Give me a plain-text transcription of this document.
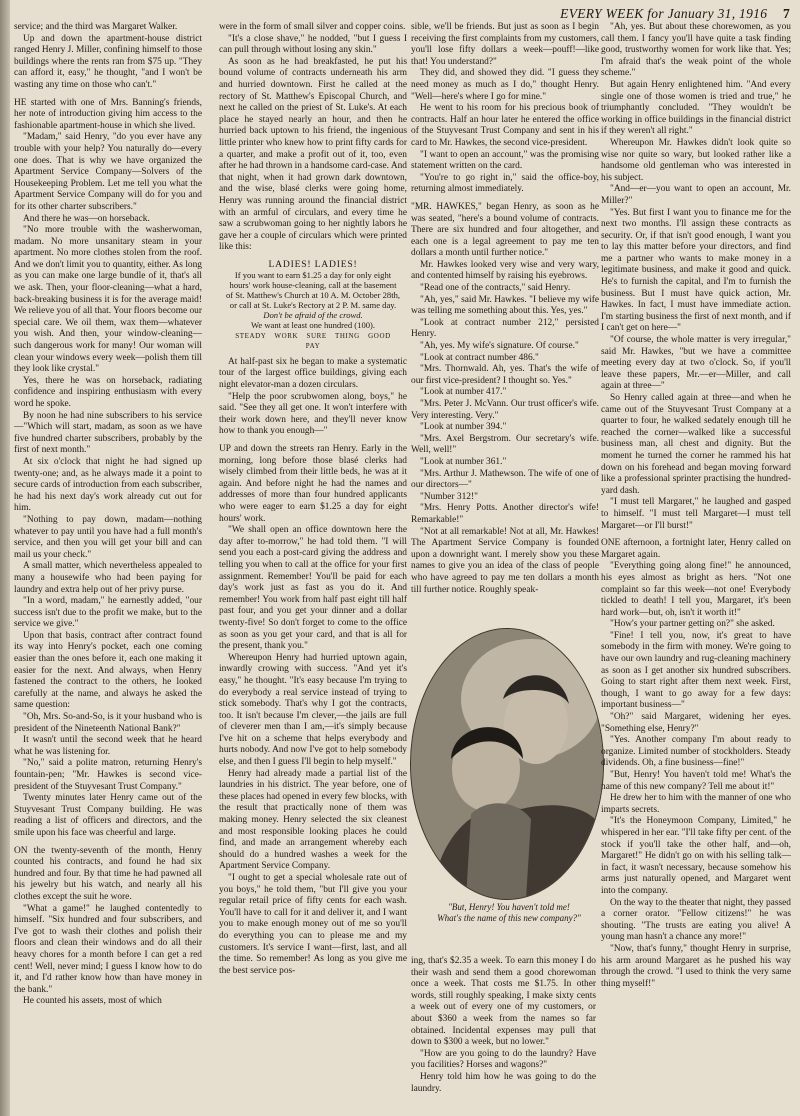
EVERY WEEK for January 31, 1916 7

service; and the third was Margaret Walker.

Up and down the apartment-house district ranged Henry J. Miller, confining himself to those buildings where the rents ran from $75 up. "They can afford it, easy," he thought, "and I won't be wasting any time on those who can't."

HE started with one of Mrs. Banning's friends, her note of introduction giving him access to the fashionable apartment-house in which she lived.

"Madam," said Henry, "do you ever have any trouble with your help? You naturally do—every one does. That is why we have organized the Apartment Service Company—Solvers of the Housekeeping Problem. Let me tell you what the Apartment Service Company will do for you and for its other charter subscribers."

And there he was—on horseback.

"No more trouble with the washerwoman, madam. No more unsanitary steam in your apartment. No more clothes stolen from the roof. And we don't limit you to quantity, either. As long as you can make one large bundle of it, that's all we ask. Then, your floor-cleaning—what a hard, back-breaking business it is for the average maid! We relieve you of all that. Your floors become our special care. We oil them, wax them—whatever you wish. And then, your window-cleaning—such dangerous work for many! Our woman will clean your windows every week—polish them till they look like crystal."

Yes, there he was on horseback, radiating confidence and inspiring enthusiasm with every word he spoke.

By noon he had nine subscribers to his service—"Which will start, madam, as soon as we have five hundred charter subscribers, probably by the first of next month."

At six o'clock that night he had signed up twenty-one; and, as he always made it a point to secure cards of introduction from each subscriber, he had his next day's work already cut out for him.

"Nothing to pay down, madam—nothing whatever to pay until you have had a full month's service, and then you will get your bill and can mail us your check."

A small matter, which nevertheless appealed to many a housewife who had been paying for laundry and extra help out of her privy purse.

"In a word, madam," he earnestly added, "our success isn't due to the profit we make, but to the service we give."

Upon that basis, contract after contract found its way into Henry's pocket, each one coming easier than the ones before it, each one making it easier for the next. And always, when Henry fastened the contract to the others, he looked carefully at the name, and always he asked the same question:

"Oh, Mrs. So-and-So, is it your husband who is president of the Nineteenth National Bank?"

It wasn't until the second week that he heard what he was listening for.

"No," said a polite matron, returning Henry's fountain-pen; "Mr. Hawkes is second vice-president of the Stuyvesant Trust Company."

Twenty minutes later Henry came out of the Stuyvesant Trust Company building. He was reading a list of officers and directors, and the smile upon his face was cheerful and large.

ON the twenty-seventh of the month, Henry counted his contracts, and found he had six hundred and four. By that time he had pawned all his jewelry but his watch, and nearly all his clothes except the suit he wore.

"What a game!" he laughed contentedly to himself. "Six hundred and four subscribers, and I've got to wash their clothes and polish their floors and clean their windows and do all their heavy chores for a month before I can get a red cent! Well, never mind; I guess I know how to do it, and I'd rather know how than have money in the bank."

He counted his assets, most of which

were in the form of small silver and copper coins.

"It's a close shave," he nodded, "but I guess I can pull through without losing any skin."

As soon as he had breakfasted, he put his bound volume of contracts underneath his arm and hurried downtown. First he called at the rectory of St. Matthew's Episcopal Church, and next he called on the priest of St. Luke's. At each place he stayed nearly an hour, and then he hurried back uptown to his friend, the ingenious little printer who knew how to print fifty cards for a quarter, and make a profit out of it, too, even after he had thrown in a handsome card-case. And that night, when it had grown dark downtown, and the wise, blasé clerks were going home, Henry was running around the financial district with an armful of circulars, and every time he saw a scrubwoman going to her nightly labors he gave her a couple of circulars which were printed like this:

LADIES! LADIES!
If you want to earn $1.25 a day for only eight hours' work house-cleaning, call at the basement of St. Matthew's Church at 10 A. M. October 28th, or call at St. Luke's Rectory at 2 P. M. same day.
Don't be afraid of the crowd.
We want at least one hundred (100).
STEADY WORK SURE THING GOOD PAY

At half-past six he began to make a systematic tour of the largest office buildings, giving each night elevator-man a dozen circulars.

"Help the poor scrubwomen along, boys," he said. "See they all get one. It won't interfere with their work down here, and they'll never know how to thank you enough—"

UP and down the streets ran Henry. Early in the morning, long before those blasé clerks had wisely climbed from their little beds, he was at it again. And before night he had the names and addresses of more than four hundred applicants who were eager to earn $1.25 a day for eight hours' work.

"We shall open an office downtown here the day after to-morrow," he had told them. "I will send you each a post-card giving the address and telling you when to call at the office for your first assignment. Remember! You'll be paid for each day's work just as fast as you do it. And remember! You work from half past eight till half past four, and you get your dinner and a dollar twenty-five! So don't forget to come to the office as soon as you get your card, and that is all for the present, thank you."

Whereupon Henry had hurried uptown again, inwardly crowing with success. "And yet it's easy," he thought. "It's easy because I'm trying to do everybody a real service instead of trying to stick somebody. That's why I got the contracts, too. It isn't because I'm clever,—the jails are full of cleverer men than I am,—it's simply because I've hit on a scheme that helps everybody and hurts nobody. And now I've got to help somebody else, and then I guess I'll begin to help myself."

Henry had already made a partial list of the laundries in his district. The year before, one of these places had opened in every few blocks, with the result that practically none of them was making money. Henry selected the six cleanest and most responsible looking places he could find, and made an arrangement whereby each should do a hundred washes a week for the Apartment Service Company.

"I ought to get a special wholesale rate out of you boys," he told them, "but I'll give you your regular retail price of fifty cents for each wash. You'll have to call for it and deliver it, and I want you to make enough money out of me so you'll do everything you can to please me and my customers. It's service I want—first, last, and all the time. So remember! As long as you give me the best service pos-

sible, we'll be friends. But just as soon as I begin receiving the first complaints from my customers, you'll lose fifty dollars a week—pouff!—like that! You understand?"

They did, and showed they did. "I guess they need money as much as I do," thought Henry. "Well—here's where I go for mine."

He went to his room for his precious book of contracts. Half an hour later he entered the office of the Stuyvesant Trust Company and sent in his card to Mr. Hawkes, the second vice-president.

"I want to open an account," was the promising statement written on the card.

"You're to go right in," said the office-boy, returning almost immediately.

"MR. HAWKES," began Henry, as soon as he was seated, "here's a bound volume of contracts. There are six hundred and four altogether, and each one is a legal agreement to pay me ten dollars a month until further notice."

Mr. Hawkes looked very wise and very wary, and contented himself by raising his eyebrows.

"Read one of the contracts," said Henry.

"Ah, yes," said Mr. Hawkes. "I believe my wife was telling me something about this. Yes, yes."

"Look at contract number 212," persisted Henry.

"Ah, yes. My wife's signature. Of course."

"Look at contract number 486."

"Mrs. Thornwald. Ah, yes. That's the wife of our first vice-president? I thought so. Yes."

"Look at number 417."

"Mrs. Peter J. McVann. Our trust officer's wife. Very interesting. Very."

"Look at number 394."

"Mrs. Axel Bergstrom. Our secretary's wife. Well, well!"

"Look at number 361."

"Mrs. Arthur J. Mathewson. The wife of one of our directors—"

"Number 312!"

"Mrs. Henry Potts. Another director's wife! Remarkable!"

"Not at all remarkable! Not at all, Mr. Hawkes! The Apartment Service Company is founded upon a downright want. I merely show you these names to give you an idea of the class of people who have agreed to pay me ten dollars a month till further notice. Roughly speak-

"But, Henry! You haven't told me!
What's the name of this new company?"

ing, that's $2.35 a week. To earn this money I do their wash and send them a good chorewoman once a week. That costs me $1.75. In other words, still roughly speaking, I make sixty cents a week out of every one of my customers, or about $360 a week from the names so far obtained. Incidental expenses may pull that down to $300 a week, but no lower."

"How are you going to do the laundry? Have you facilities? Horses and wagons?"

Henry told him how he was going to do the laundry.

"Ah, yes. But about these chorewomen, as you call them. I fancy you'll have quite a task finding good, trustworthy women for work like that. Yes; I'm afraid that's the weak point of the whole scheme."

But again Henry enlightened him. "And every single one of those women is tried and true," he triumphantly concluded. "They wouldn't be working in office buildings in the financial district if they weren't all right."

Whereupon Mr. Hawkes didn't look quite so wise nor quite so wary, but looked rather like a handsome old gentleman who was interested in his subject.

"And—er—you want to open an account, Mr. Miller?"

"Yes. But first I want you to finance me for the next two months. I'll assign these contracts as security. Or, if that isn't good enough, I want you to lay this matter before your directors, and find me a partner who wants to make money in a legitimate business, and make it good and quick. He's to furnish the capital, and I'm to furnish the business. But I must have quick action, Mr. Hawkes. In fact, I must have immediate action. I'm starting business the first of next month, and if I can't get on here—"

"Of course, the whole matter is very irregular," said Mr. Hawkes, "but we have a committee meeting every day at two o'clock. So, if you'll leave these papers, Mr.—er—Miller, and call again at three—"

So Henry called again at three—and when he came out of the Stuyvesant Trust Company at a quarter to four, he walked sedately enough till he reached the corner—walked like a successful business man, all chest and dignity. But the moment he turned the corner he rammed his hat down on his forehead and began moving forward like a professional sprinter practising the hundred-yard dash.

"I must tell Margaret," he laughed and gasped to himself. "I must tell Margaret—I must tell Margaret—or I'll burst!"

ONE afternoon, a fortnight later, Henry called on Margaret again.

"Everything going along fine!" he announced, his eyes almost as bright as hers. "Not one complaint so far this week—not one! Everybody tickled to death! I tell you, Margaret, it's been hard work—but, oh, isn't it worth it!"

"How's your partner getting on?" she asked.

"Fine! I tell you, now, it's great to have somebody in the firm with money. We're going to have our own laundry and rug-cleaning machinery as soon as I get another six hundred subscribers. Going to start right after them next week. First, though, I want to go away for a few days: important business—"

"Oh?" said Margaret, widening her eyes. "Something else, Henry?"

"Yes. Another company I'm about ready to organize. Limited number of stockholders. Steady dividends. Oh, a fine business—fine!"

"But, Henry! You haven't told me! What's the name of this new company? Tell me about it!"

He drew her to him with the manner of one who imparts secrets.

"It's the Honeymoon Company, Limited," he whispered in her ear. "I'll take fifty per cent. of the stock if you'll take the other half, and—oh, Margaret!" He didn't go on with his selling talk—in fact, it wasn't necessary, because somehow his arms just naturally opened, and Margaret went into the company.

On the way to the theater that night, they passed a corner orator. "Fellow citizens!" he was shouting. "The trusts are eating you alive! A young man hasn't a chance any more!"

"Now, that's funny," thought Henry in surprise, his arm around Margaret as he pushed his way through the crowd. "I used to think the very same thing myself!"
